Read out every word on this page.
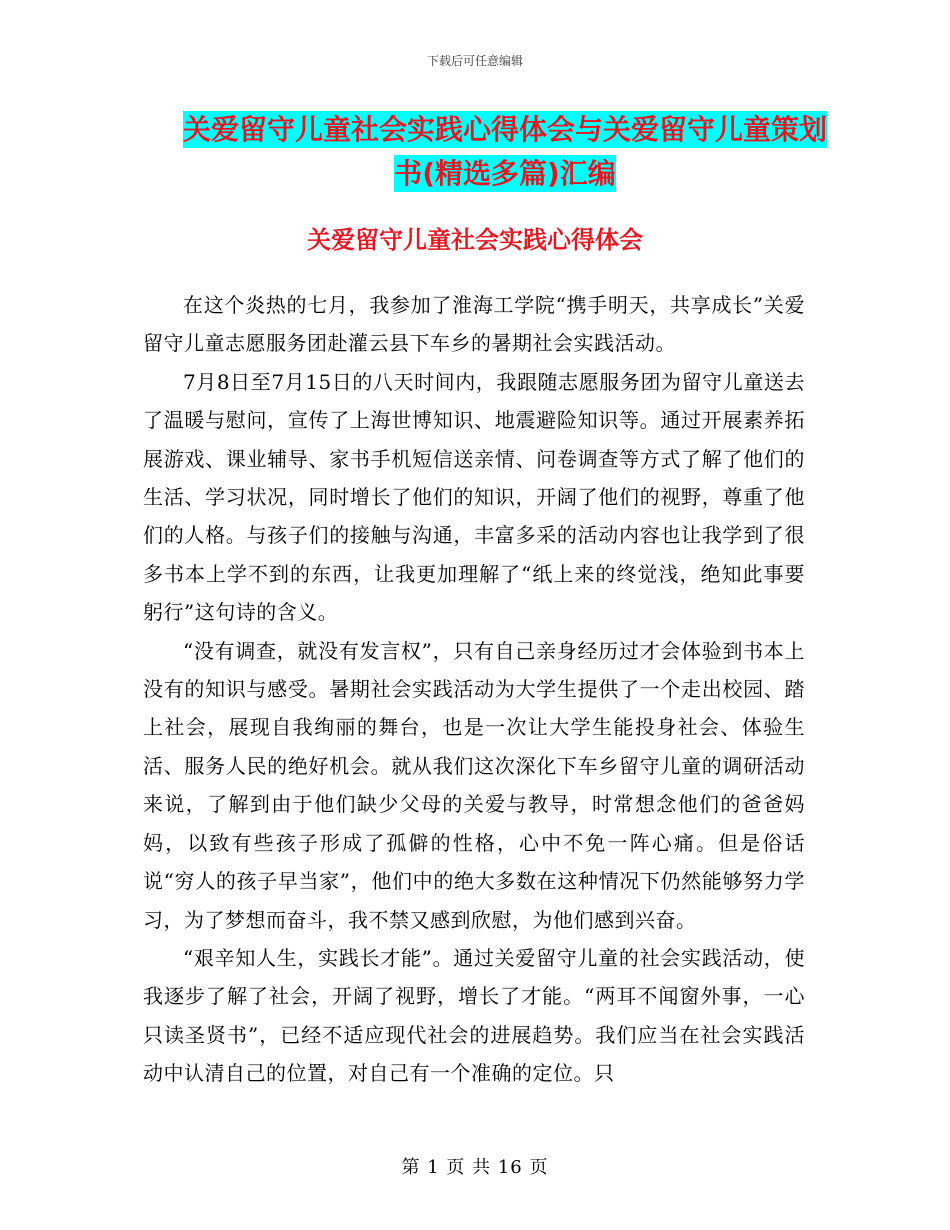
下载后可任意编辑
关爱留守儿童社会实践心得体会与关爱留守儿童策划
书(精选多篇)汇编
关爱留守儿童社会实践心得体会

在这个炎热的七月，我参加了淮海工学院“携手明天，共享成长”关爱留守儿童志愿服务团赴灌云县下车乡的暑期社会实践活动。

7月8日至7月15日的八天时间内，我跟随志愿服务团为留守儿童送去了温暖与慰问，宣传了上海世博知识、地震避险知识等。通过开展素养拓展游戏、课业辅导、家书手机短信送亲情、问卷调查等方式了解了他们的生活、学习状况，同时增长了他们的知识，开阔了他们的视野，尊重了他们的人格。与孩子们的接触与沟通，丰富多采的活动内容也让我学到了很多书本上学不到的东西，让我更加理解了“纸上来的终觉浅，绝知此事要躬行”这句诗的含义。

“没有调查，就没有发言权”，只有自己亲身经历过才会体验到书本上没有的知识与感受。暑期社会实践活动为大学生提供了一个走出校园、踏上社会，展现自我绚丽的舞台，也是一次让大学生能投身社会、体验生活、服务人民的绝好机会。就从我们这次深化下车乡留守儿童的调研活动来说，了解到由于他们缺少父母的关爱与教导，时常想念他们的爸爸妈妈，以致有些孩子形成了孤僻的性格，心中不免一阵心痛。但是俗话说“穷人的孩子早当家”，他们中的绝大多数在这种情况下仍然能够努力学习，为了梦想而奋斗，我不禁又感到欣慰，为他们感到兴奋。

“艰辛知人生，实践长才能”。通过关爱留守儿童的社会实践活动，使我逐步了解了社会，开阔了视野，增长了才能。“两耳不闻窗外事，一心只读圣贤书”，已经不适应现代社会的进展趋势。我们应当在社会实践活动中认清自己的位置，对自己有一个准确的定位。只

第 1 页 共 16 页
